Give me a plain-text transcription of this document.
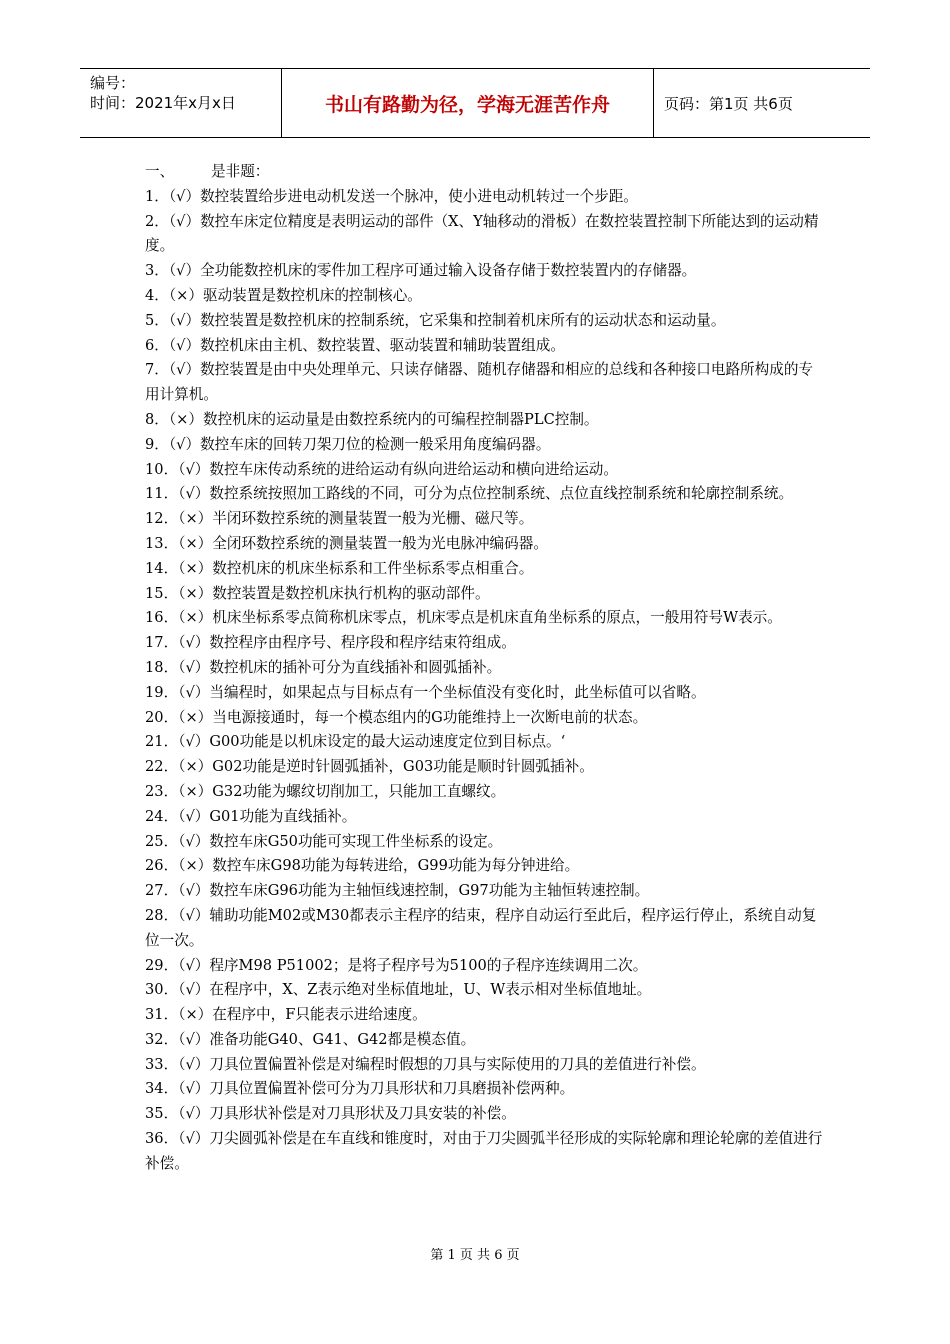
编号：
时间：2021年x月x日	书山有路勤为径，学海无涯苦作舟	页码：第1页 共6页
一、	是非题：

1．（√）数控装置给步进电动机发送一个脉冲，使小进电动机转过一个步距。

2．（√）数控车床定位精度是表明运动的部件（X、Y轴移动的滑板）在数控装置控制下所能达到的运动精度。

3．（√）全功能数控机床的零件加工程序可通过输入设备存储于数控装置内的存储器。

4．（×）驱动装置是数控机床的控制核心。

5．（√）数控装置是数控机床的控制系统，它采集和控制着机床所有的运动状态和运动量。

6．（√）数控机床由主机、数控装置、驱动装置和辅助装置组成。

7．（√）数控装置是由中央处理单元、只读存储器、随机存储器和相应的总线和各种接口电路所构成的专用计算机。

8．（×）数控机床的运动量是由数控系统内的可编程控制器PLC控制。

9．（√）数控车床的回转刀架刀位的检测一般采用角度编码器。

10．（√）数控车床传动系统的进给运动有纵向进给运动和横向进给运动。

11．（√）数控系统按照加工路线的不同，可分为点位控制系统、点位直线控制系统和轮廓控制系统。

12．（×）半闭环数控系统的测量装置一般为光栅、磁尺等。

13．（×）全闭环数控系统的测量装置一般为光电脉冲编码器。

14．（×）数控机床的机床坐标系和工件坐标系零点相重合。

15．（×）数控装置是数控机床执行机构的驱动部件。

16．（×）机床坐标系零点简称机床零点，机床零点是机床直角坐标系的原点，一般用符号W表示。

17．（√）数控程序由程序号、程序段和程序结束符组成。

18．（√）数控机床的插补可分为直线插补和圆弧插补。

19．（√）当编程时，如果起点与目标点有一个坐标值没有变化时，此坐标值可以省略。

20．（×）当电源接通时，每一个模态组内的G功能维持上一次断电前的状态。

21．（√）G00功能是以机床设定的最大运动速度定位到目标点。‘

22．（×）G02功能是逆时针圆弧插补，G03功能是顺时针圆弧插补。

23．（×）G32功能为螺纹切削加工，只能加工直螺纹。

24．（√）G01功能为直线插补。

25．（√）数控车床G50功能可实现工件坐标系的设定。

26．（×）数控车床G98功能为每转进给，G99功能为每分钟进给。

27．（√）数控车床G96功能为主轴恒线速控制，G97功能为主轴恒转速控制。

28．（√）辅助功能M02或M30都表示主程序的结束，程序自动运行至此后，程序运行停止，系统自动复位一次。

29．（√）程序M98 P51002；是将子程序号为5100的子程序连续调用二次。

30．（√）在程序中，X、Z表示绝对坐标值地址，U、W表示相对坐标值地址。

31．（×）在程序中，F只能表示进给速度。

32．（√）准备功能G40、G41、G42都是模态值。

33．（√）刀具位置偏置补偿是对编程时假想的刀具与实际使用的刀具的差值进行补偿。

34．（√）刀具位置偏置补偿可分为刀具形状和刀具磨损补偿两种。

35．（√）刀具形状补偿是对刀具形状及刀具安装的补偿。

36．（√）刀尖圆弧补偿是在车直线和锥度时，对由于刀尖圆弧半径形成的实际轮廓和理论轮廓的差值进行补偿。

第 1 页 共 6 页
